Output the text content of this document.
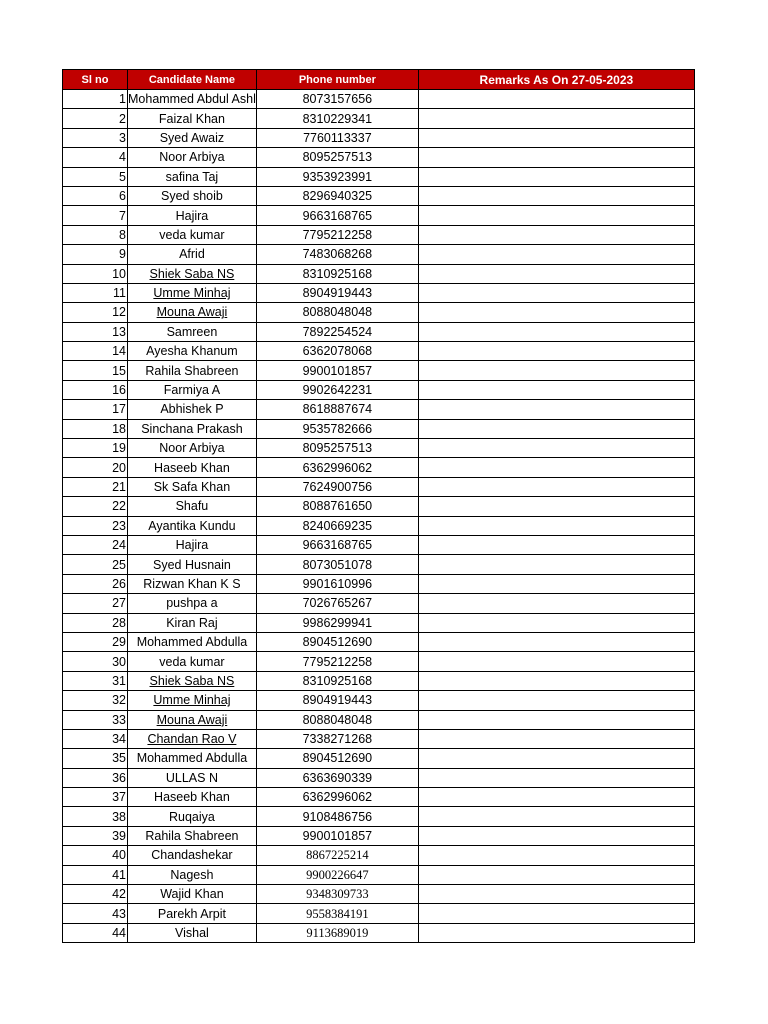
Sl no	Candidate Name	Phone number	Remarks As On 27-05-2023
1	Mohammed Abdul Ashl	8073157656	
2	Faizal Khan	8310229341	
3	Syed Awaiz	7760113337	
4	Noor Arbiya	8095257513	
5	safina Taj	9353923991	
6	Syed shoib	8296940325	
7	Hajira	9663168765	
8	veda kumar	7795212258	
9	Afrid	7483068268	
10	Shiek Saba NS	8310925168	
11	Umme Minhaj	8904919443	
12	Mouna Awaji	8088048048	
13	Samreen	7892254524	
14	Ayesha Khanum	6362078068	
15	Rahila Shabreen	9900101857	
16	Farmiya A	9902642231	
17	Abhishek P	8618887674	
18	Sinchana Prakash	9535782666	
19	Noor Arbiya	8095257513	
20	Haseeb Khan	6362996062	
21	Sk Safa Khan	7624900756	
22	Shafu	8088761650	
23	Ayantika Kundu	8240669235	
24	Hajira	9663168765	
25	Syed Husnain	8073051078	
26	Rizwan Khan K S	9901610996	
27	pushpa a	7026765267	
28	Kiran Raj	9986299941	
29	Mohammed Abdulla	8904512690	
30	veda kumar	7795212258	
31	Shiek Saba NS	8310925168	
32	Umme Minhaj	8904919443	
33	Mouna Awaji	8088048048	
34	Chandan Rao V	7338271268	
35	Mohammed Abdulla	8904512690	
36	ULLAS N	6363690339	
37	Haseeb Khan	6362996062	
38	Ruqaiya	9108486756	
39	Rahila Shabreen	9900101857	
40	Chandashekar	8867225214	
41	Nagesh	9900226647	
42	Wajid Khan	9348309733	
43	Parekh Arpit	9558384191	
44	Vishal	9113689019	
